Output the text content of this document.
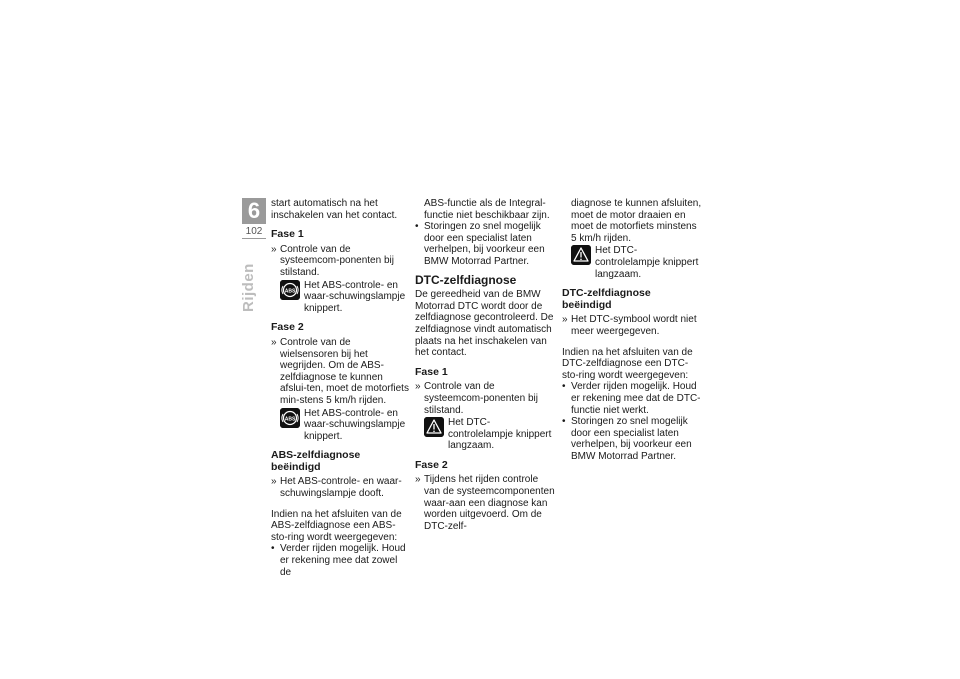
6
102
Rijden

start automatisch na het inschakelen van het contact.

Fase 1

» Controle van de systeemcom-ponenten bij stilstand.

ABS
Het ABS-controle- en waar-schuwingslampje knippert.
Fase 2

» Controle van de wielsensoren bij het wegrijden. Om de ABS-zelfdiagnose te kunnen afslui-ten, moet de motorfiets min-stens 5 km/h rijden.

ABS
Het ABS-controle- en waar-schuwingslampje knippert.
ABS-zelfdiagnose beëindigd

» Het ABS-controle- en waar-schuwingslampje dooft.

Indien na het afsluiten van de ABS-zelfdiagnose een ABS-sto-ring wordt weergegeven:

• Verder rijden mogelijk. Houd er rekening mee dat zowel de

ABS-functie als de Integral-functie niet beschikbaar zijn.

• Storingen zo snel mogelijk door een specialist laten verhelpen, bij voorkeur een BMW Motorrad Partner.

DTC-zelfdiagnose

De gereedheid van de BMW Motorrad DTC wordt door de zelfdiagnose gecontroleerd. De zelfdiagnose vindt automatisch plaats na het inschakelen van het contact.

Fase 1

» Controle van de systeemcom-ponenten bij stilstand.

Het DTC-controlelampje knippert langzaam.
Fase 2

» Tijdens het rijden controle van de systeemcomponenten waar-aan een diagnose kan worden uitgevoerd. Om de DTC-zelf-

diagnose te kunnen afsluiten, moet de motor draaien en moet de motorfiets minstens 5 km/h rijden.

Het DTC-controlelampje knippert langzaam.
DTC-zelfdiagnose beëindigd

» Het DTC-symbool wordt niet meer weergegeven.

Indien na het afsluiten van de DTC-zelfdiagnose een DTC-sto-ring wordt weergegeven:

• Verder rijden mogelijk. Houd er rekening mee dat de DTC-functie niet werkt.

• Storingen zo snel mogelijk door een specialist laten verhelpen, bij voorkeur een BMW Motorrad Partner.
